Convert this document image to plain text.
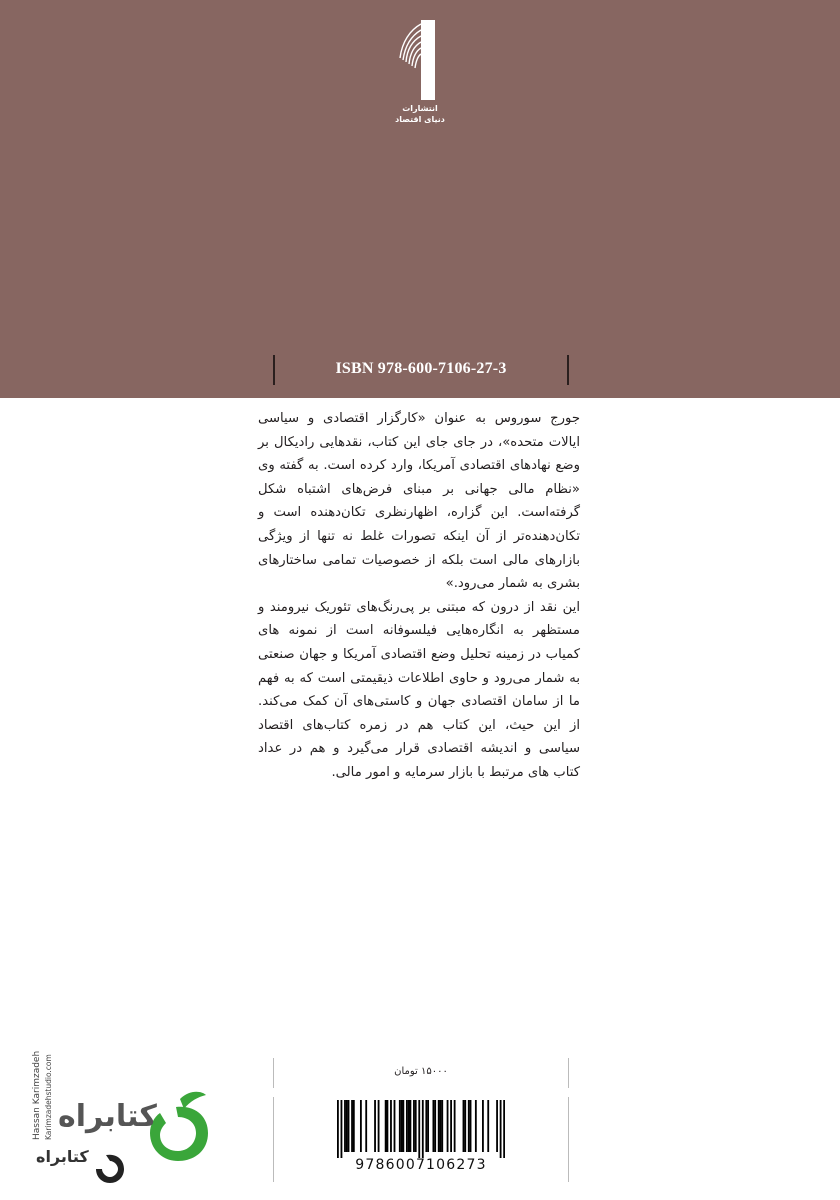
انتشارات
دنیای اقتصاد
ISBN 978-600-7106-27-3

جورج سوروس به عنوان «کارگزار اقتصادی و سیاسی ایالات متحده»، در جای جای این کتاب، نقدهایی رادیکال بر وضع نهادهای اقتصادی آمریکا، وارد کرده است. به گفته وی «نظام مالی جهانی بر مبنای فرض‌های اشتباه شکل گرفته‌است. این گزاره، اظهارنظری تکان‌دهنده است و تکان‌دهنده‌تر از آن اینکه تصورات غلط نه تنها از ویژگی بازارهای مالی است بلکه از خصوصیات تمامی ساختارهای بشری به شمار می‌رود.»

این نقد از درون که مبتنی بر پی‌رنگ‌های تئوریک نیرومند و مستظهر به انگاره‌هایی فیلسوفانه است از نمونه های کمیاب در زمینه تحلیل وضع اقتصادی آمریکا و جهان صنعتی به شمار می‌رود و حاوی اطلاعات ذیقیمتی است که به فهم ما از سامان اقتصادی جهان و کاستی‌های آن کمک می‌کند. از این حیث، این کتاب هم در زمره کتاب‌های اقتصاد سیاسی و اندیشه اقتصادی قرار می‌گیرد و هم در عداد کتاب های مرتبط با بازار سرمایه و امور مالی.

Hassan Karimzadeh Karimzadehstudio.com	۱۵۰۰۰ تومان
9786007106273
کتابراه
کتابراه
